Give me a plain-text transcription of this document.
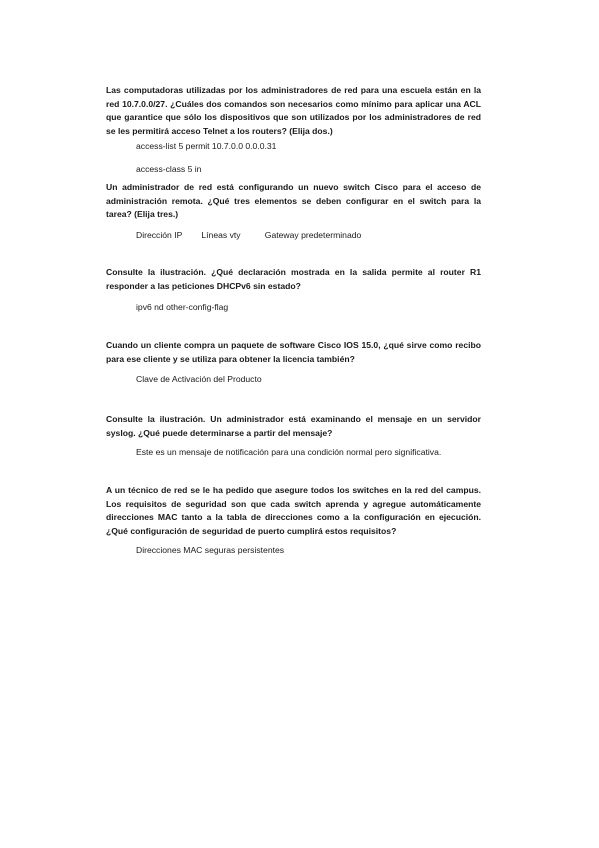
Las computadoras utilizadas por los administradores de red para una escuela están en la red 10.7.0.0/27. ¿Cuáles dos comandos son necesarios como mínimo para aplicar una ACL que garantice que sólo los dispositivos que son utilizados por los administradores de red se les permitirá acceso Telnet a los routers? (Elija dos.)
access-list 5 permit 10.7.0.0 0.0.0.31
access-class 5 in
Un administrador de red está configurando un nuevo switch Cisco para el acceso de administración remota. ¿Qué tres elementos se deben configurar en el switch para la tarea? (Elija tres.)
Dirección IP Líneas vty	Gateway predeterminado
Consulte la ilustración. ¿Qué declaración mostrada en la salida permite al router R1 responder a las peticiones DHCPv6 sin estado?
ipv6 nd other-config-flag
Cuando un cliente compra un paquete de software Cisco IOS 15.0, ¿qué sirve como recibo para ese cliente y se utiliza para obtener la licencia también?
Clave de Activación del Producto
Consulte la ilustración. Un administrador está examinando el mensaje en un servidor syslog. ¿Qué puede determinarse a partir del mensaje?
Este es un mensaje de notificación para una condición normal pero significativa.
A un técnico de red se le ha pedido que asegure todos los switches en la red del campus. Los requisitos de seguridad son que cada switch aprenda y agregue automáticamente direcciones MAC tanto a la tabla de direcciones como a la configuración en ejecución. ¿Qué configuración de seguridad de puerto cumplirá estos requisitos?
Direcciones MAC seguras persistentes
